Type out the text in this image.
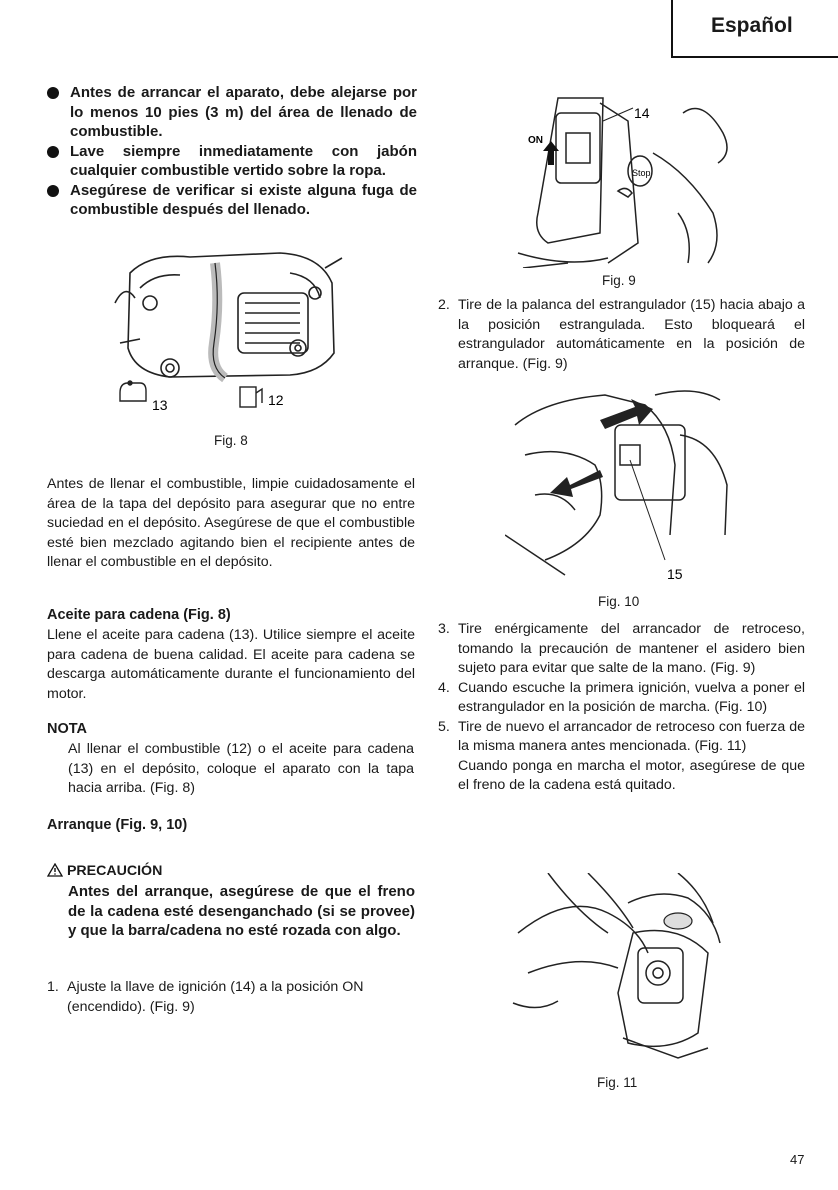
Español
Antes de arrancar el aparato, debe alejarse por lo menos 10 pies (3 m) del área de llenado de combustible.
Lave siempre inmediatamente con jabón cualquier combustible vertido sobre la ropa.
Asegúrese de verificar si existe alguna fuga de combustible después del llenado.
13	12
Fig. 8
Antes de llenar el combustible, limpie cuidadosamente el área de la tapa del depósito para asegurar que no entre suciedad en el depósito. Asegúrese de que el combustible esté bien mezclado agitando bien el recipiente antes de llenar el combustible en el depósito.
Aceite para cadena (Fig. 8)
Llene el aceite para cadena (13). Utilice siempre el aceite para cadena de buena calidad. El aceite para cadena se descarga automáticamente durante el funcionamiento del motor.
NOTA
Al llenar el combustible (12) o el aceite para cadena (13) en el depósito, coloque el aparato con la tapa hacia arriba. (Fig. 8)
Arranque (Fig. 9, 10)
PRECAUCIÓN
Antes del arranque, asegúrese de que el freno de la cadena esté desenganchado (si se provee) y que la barra/cadena no esté rozada con algo.
1. Ajuste la llave de ignición (14) a la posición ON (encendido). (Fig. 9)
14
ON
Stop
Fig. 9
2. Tire de la palanca del estrangulador (15) hacia abajo a la posición estrangulada. Esto bloqueará el estrangulador automáticamente en la posición de arranque. (Fig. 9)
15
Fig. 10
3. Tire enérgicamente del arrancador de retroceso, tomando la precaución de mantener el asidero bien sujeto para evitar que salte de la mano. (Fig. 9)
4. Cuando escuche la primera ignición, vuelva a poner el estrangulador en la posición de marcha. (Fig. 10)
5. Tire de nuevo el arrancador de retroceso con fuerza de la misma manera antes mencionada. (Fig. 11)
Cuando ponga en marcha el motor, asegúrese de que el freno de la cadena está quitado.
Fig. 11
47
